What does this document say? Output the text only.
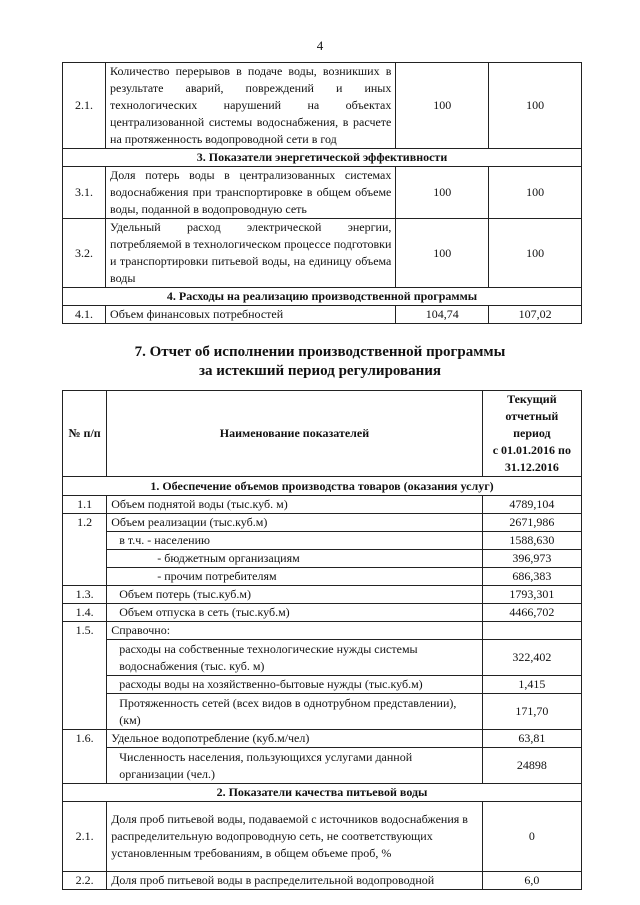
4
2.1.	Количество перерывов в подаче воды, возникших в результате аварий, повреждений и иных технологических нарушений на объектах централизованной системы водоснабжения, в расчете на протяженность водопроводной сети в год	100	100
3. Показатели энергетической эффективности			
3.1.	Доля потерь воды в централизованных системах водоснабжения при транспортировке в общем объеме воды, поданной в водопроводную сеть	100	100
3.2.	Удельный расход электрической энергии, потребляемой в технологическом процессе подготовки и транспортировки питьевой воды, на единицу объема воды	100	100
4. Расходы на реализацию производственной программы			
4.1.	Объем финансовых потребностей	104,74	107,02
7. Отчет об исполнении производственной программы
за истекший период регулирования
№ п/п	Наименование показателей	Текущий
отчетный период
с 01.01.2016 по
31.12.2016

1. Обеспечение объемов производства товаров (оказания услуг)		
1.1	Объем поднятой воды (тыс.куб. м)	4789,104
1.2	Объем реализации (тыс.куб.м)	2671,986
	в т.ч. - населению	1588,630
	- бюджетным организациям	396,973
	- прочим потребителям	686,383
1.3.	Объем потерь (тыс.куб.м)	1793,301
1.4.	Объем отпуска в сеть (тыс.куб.м)	4466,702
1.5.	Справочно:	
	расходы на собственные технологические нужды системы водоснабжения (тыс. куб. м)	322,402
	расходы воды на хозяйственно-бытовые нужды (тыс.куб.м)	1,415
	Протяженность сетей (всех видов в однотрубном представлении), (км)	171,70
1.6.	Удельное водопотребление (куб.м/чел)	63,81
	Численность населения, пользующихся услугами данной организации (чел.)	24898
2. Показатели качества питьевой воды		
2.1.	Доля проб питьевой воды, подаваемой с источников водоснабжения в распределительную водопроводную сеть, не соответствующих установленным требованиям, в общем объеме проб, %	0
2.2.	Доля проб питьевой воды в распределительной водопроводной	6,0
